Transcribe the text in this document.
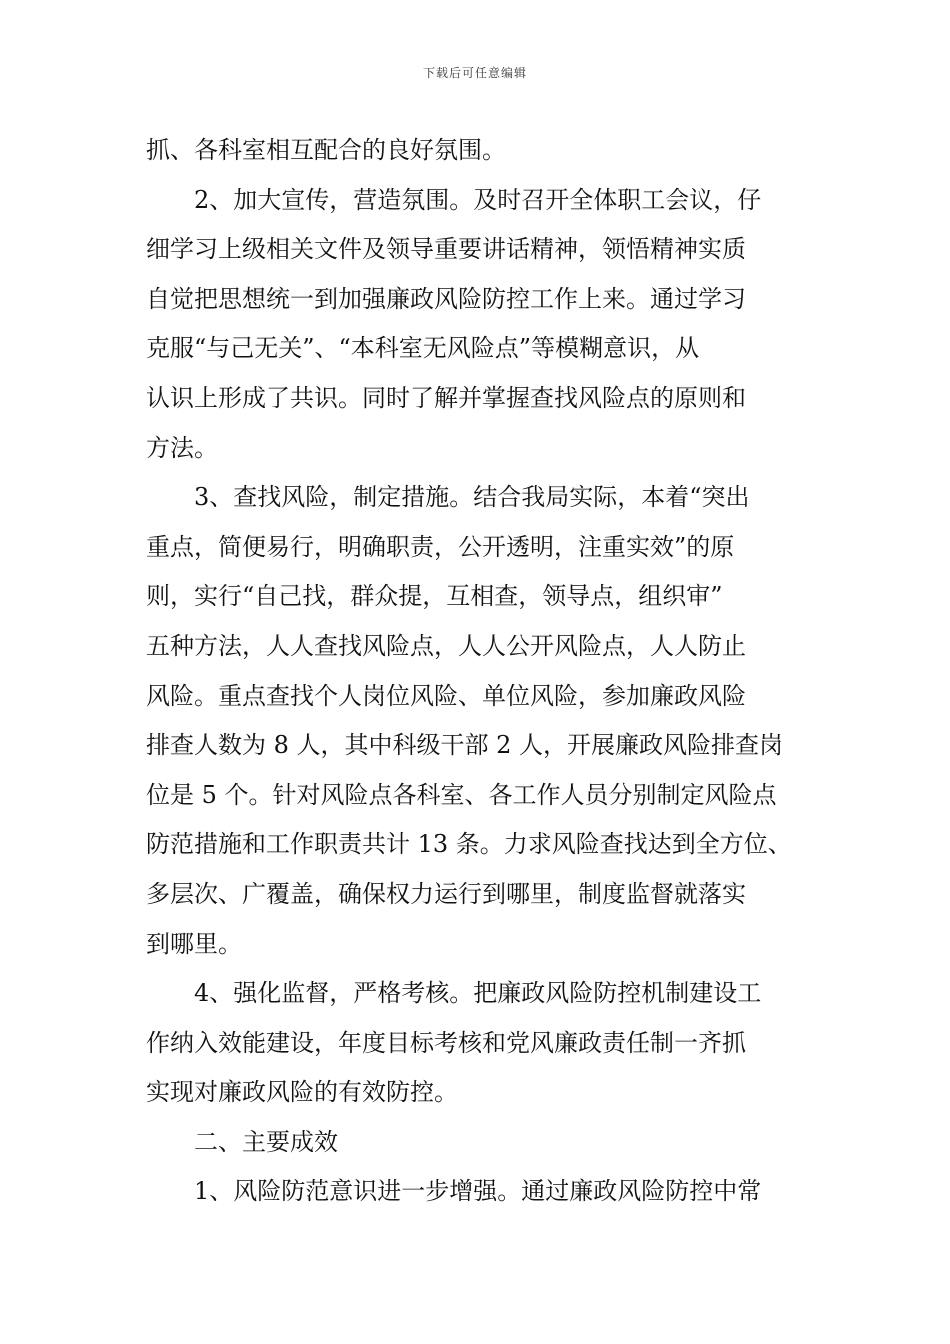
下载后可任意编辑
抓、各科室相互配合的良好氛围。
2、加大宣传，营造氛围。及时召开全体职工会议，仔
细学习上级相关文件及领导重要讲话精神，领悟精神实质
自觉把思想统一到加强廉政风险防控工作上来。通过学习
克服“与己无关”、“本科室无风险点”等模糊意识，从
认识上形成了共识。同时了解并掌握查找风险点的原则和
方法。
3、查找风险，制定措施。结合我局实际，本着“突出
重点，简便易行，明确职责，公开透明，注重实效”的原
则，实行“自己找，群众提，互相查，领导点，组织审”
五种方法，人人查找风险点，人人公开风险点，人人防止
风险。重点查找个人岗位风险、单位风险，参加廉政风险
排查人数为 8 人，其中科级干部 2 人，开展廉政风险排查岗
位是 5 个。针对风险点各科室、各工作人员分别制定风险点
防范措施和工作职责共计 13 条。力求风险查找达到全方位、
多层次、广覆盖，确保权力运行到哪里，制度监督就落实
到哪里。
4、强化监督，严格考核。把廉政风险防控机制建设工
作纳入效能建设，年度目标考核和党风廉政责任制一齐抓
实现对廉政风险的有效防控。
二、主要成效
1、风险防范意识进一步增强。通过廉政风险防控中常
